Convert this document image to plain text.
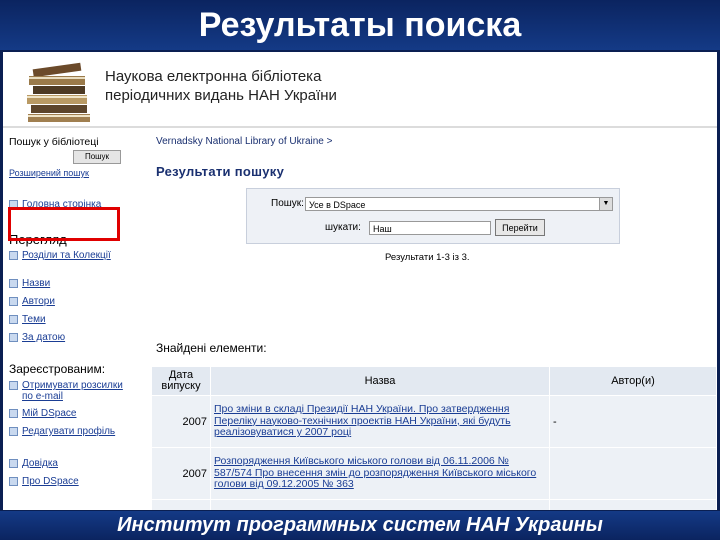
Результаты поиска
Наукова електронна бібліотека
періодичних видань НАН України
Пошук у бібліотеці
Пошук
Розширений пошук
Головна сторінка
Перегляд
Розділи та Колекції
Назви
Автори
Теми
За датою
Зареєстрованим:
Отримувати розсилки по e-mail
Мій DSpace
Редагувати профіль
Довідка
Про DSpace
Vernadsky National Library of Ukraine >
Результати пошуку
Пошук: Усе в DSpace	▼
шукати:	Наш	Перейти
Результати 1-3 із 3.
Знайдені елементи:
Дата випуску	Назва	Автор(и)
2007	Про зміни в складі Президії НАН України. Про затвердження Переліку науково-технічних проектів НАН України, які будуть реалізовуватися у 2007 році	-
2007	Розпорядження Київського міського голови від 06.11.2006 № 587/574 Про внесення змін до розпорядження Київського міського голови від 09.12.2005 № 363	

Институт программных систем НАН Украины
